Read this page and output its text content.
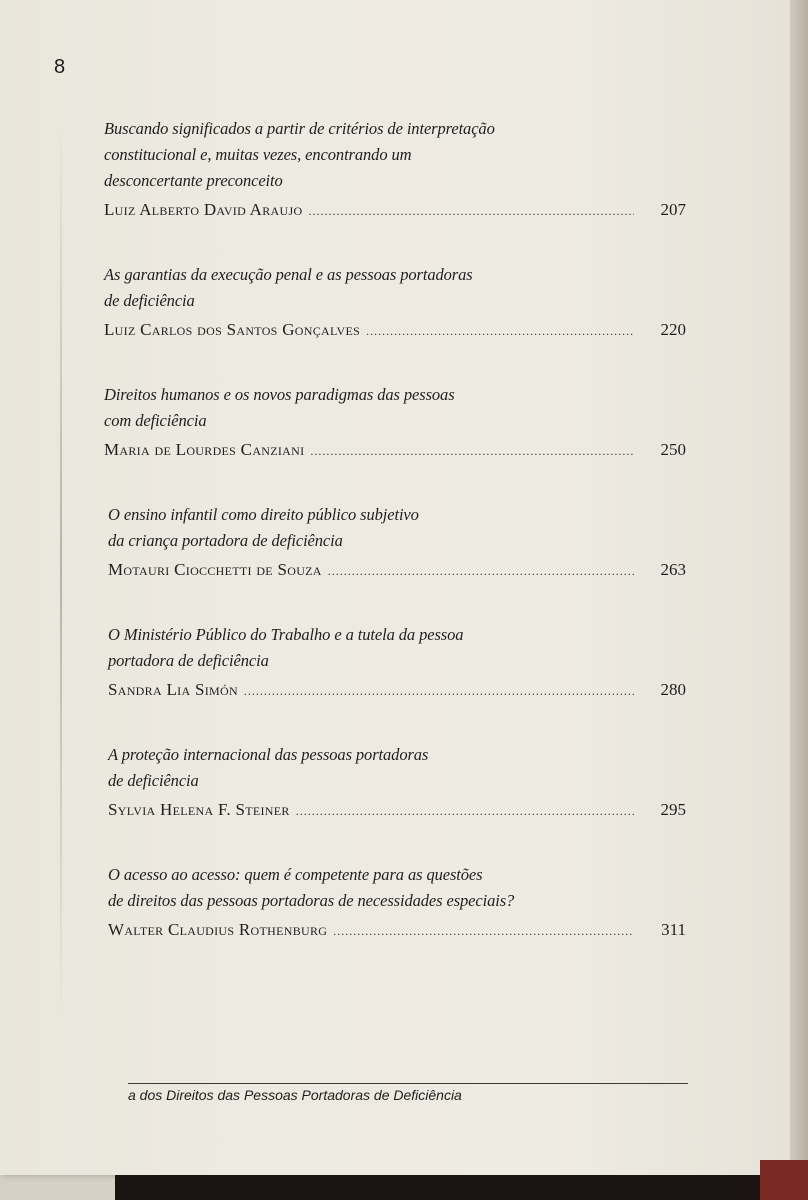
8

Buscando significados a partir de critérios de interpretação
constitucional e, muitas vezes, encontrando um
desconcertante preconceito

Luiz Alberto David Araujo .....	207

As garantias da execução penal e as pessoas portadoras
de deficiência

Luiz Carlos dos Santos Gonçalves .....	220

Direitos humanos e os novos paradigmas das pessoas
com deficiência

Maria de Lourdes Canziani .....	250

O ensino infantil como direito público subjetivo
da criança portadora de deficiência

Motauri Ciocchetti de Souza .....	263

O Ministério Público do Trabalho e a tutela da pessoa
portadora de deficiência

Sandra Lia Simón .....	280

A proteção internacional das pessoas portadoras
de deficiência

Sylvia Helena F. Steiner .....	295

O acesso ao acesso: quem é competente para as questões
de direitos das pessoas portadoras de necessidades especiais?

Walter Claudius Rothenburg .....	311
a dos Direitos das Pessoas Portadoras de Deficiência
